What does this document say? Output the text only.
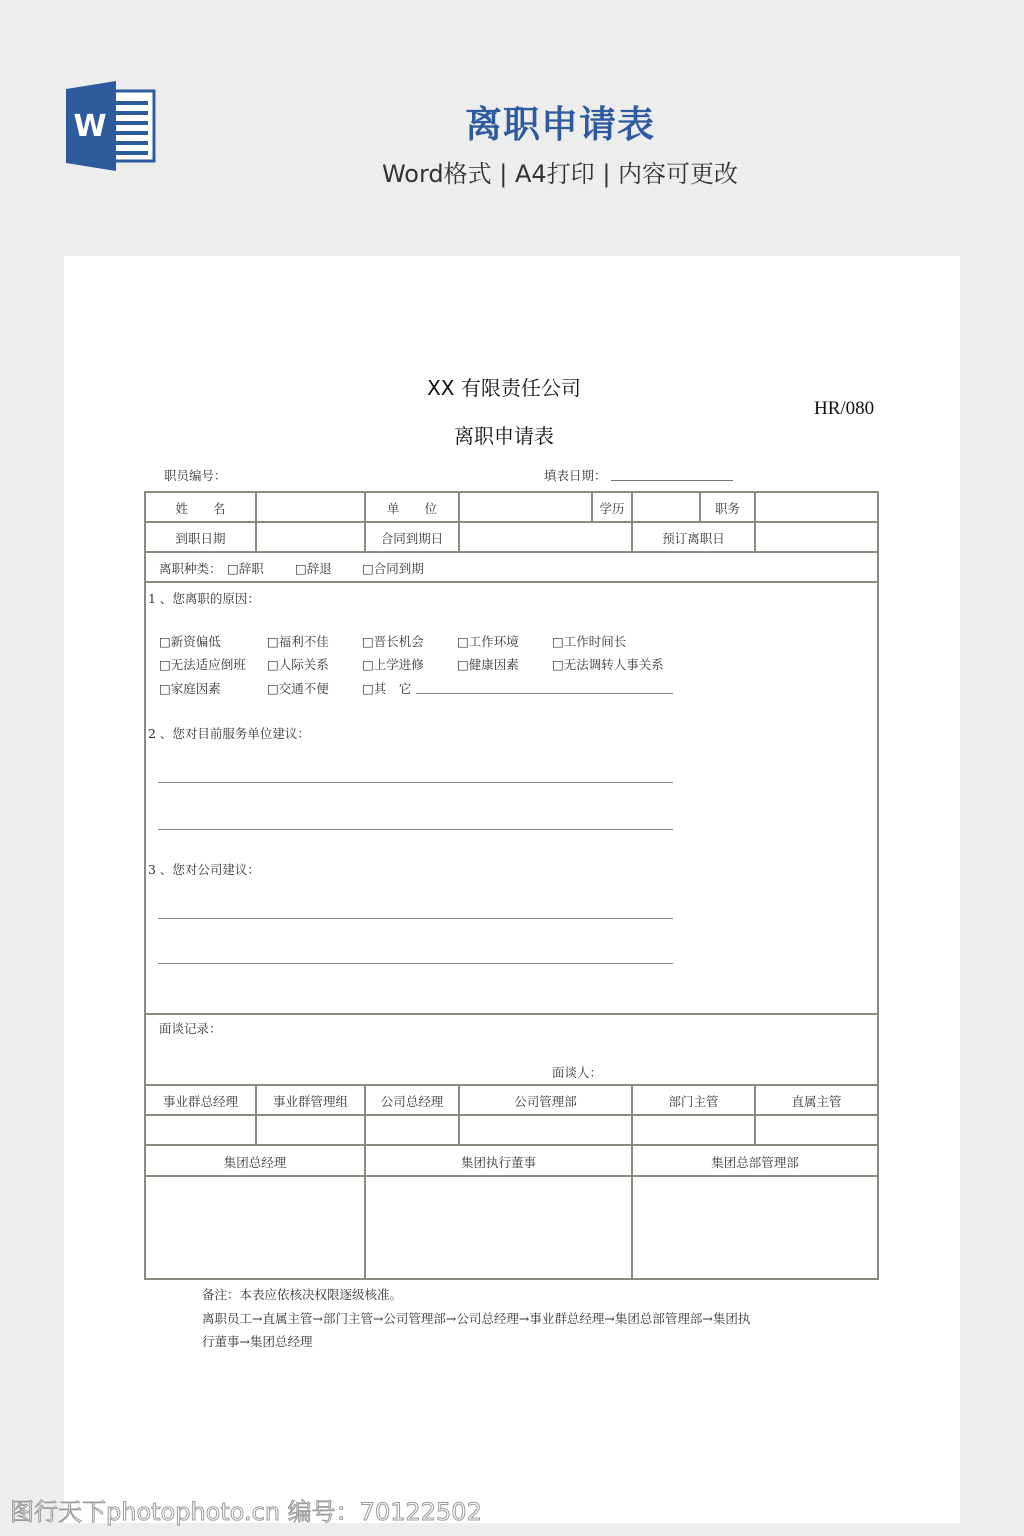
W	离职申请表
Word格式 | A4打印 | 内容可更改
XX 有限责任公司
HR/080
离职申请表
职员编号：	填表日期：
姓　　名	单　　位	学历	职务
到职日期	合同到期日	预订离职日
离职种类： □辞职 □辞退 □合同到期
1 、您离职的原因：
□新资偏低	□福利不佳	□晋长机会	□工作环境	□工作时间长
□无法适应倒班 □人际关系	□上学进修	□健康因素	□无法调转人事关系
□家庭因素	□交通不便	□其　它
2 、您对目前服务单位建议：
3 、您对公司建议：
面谈记录：
面谈人：
事业群总经理	事业群管理组	公司总经理	公司管理部	部门主管	直属主管
集团总经理	集团执行董事	集团总部管理部
备注：本表应依核决权限逐级核准。
离职员工→直属主管→部门主管→公司管理部→公司总经理→事业群总经理→集团总部管理部→集团执
行董事→集团总经理
图行天下photophoto.cn 编号：70122502
